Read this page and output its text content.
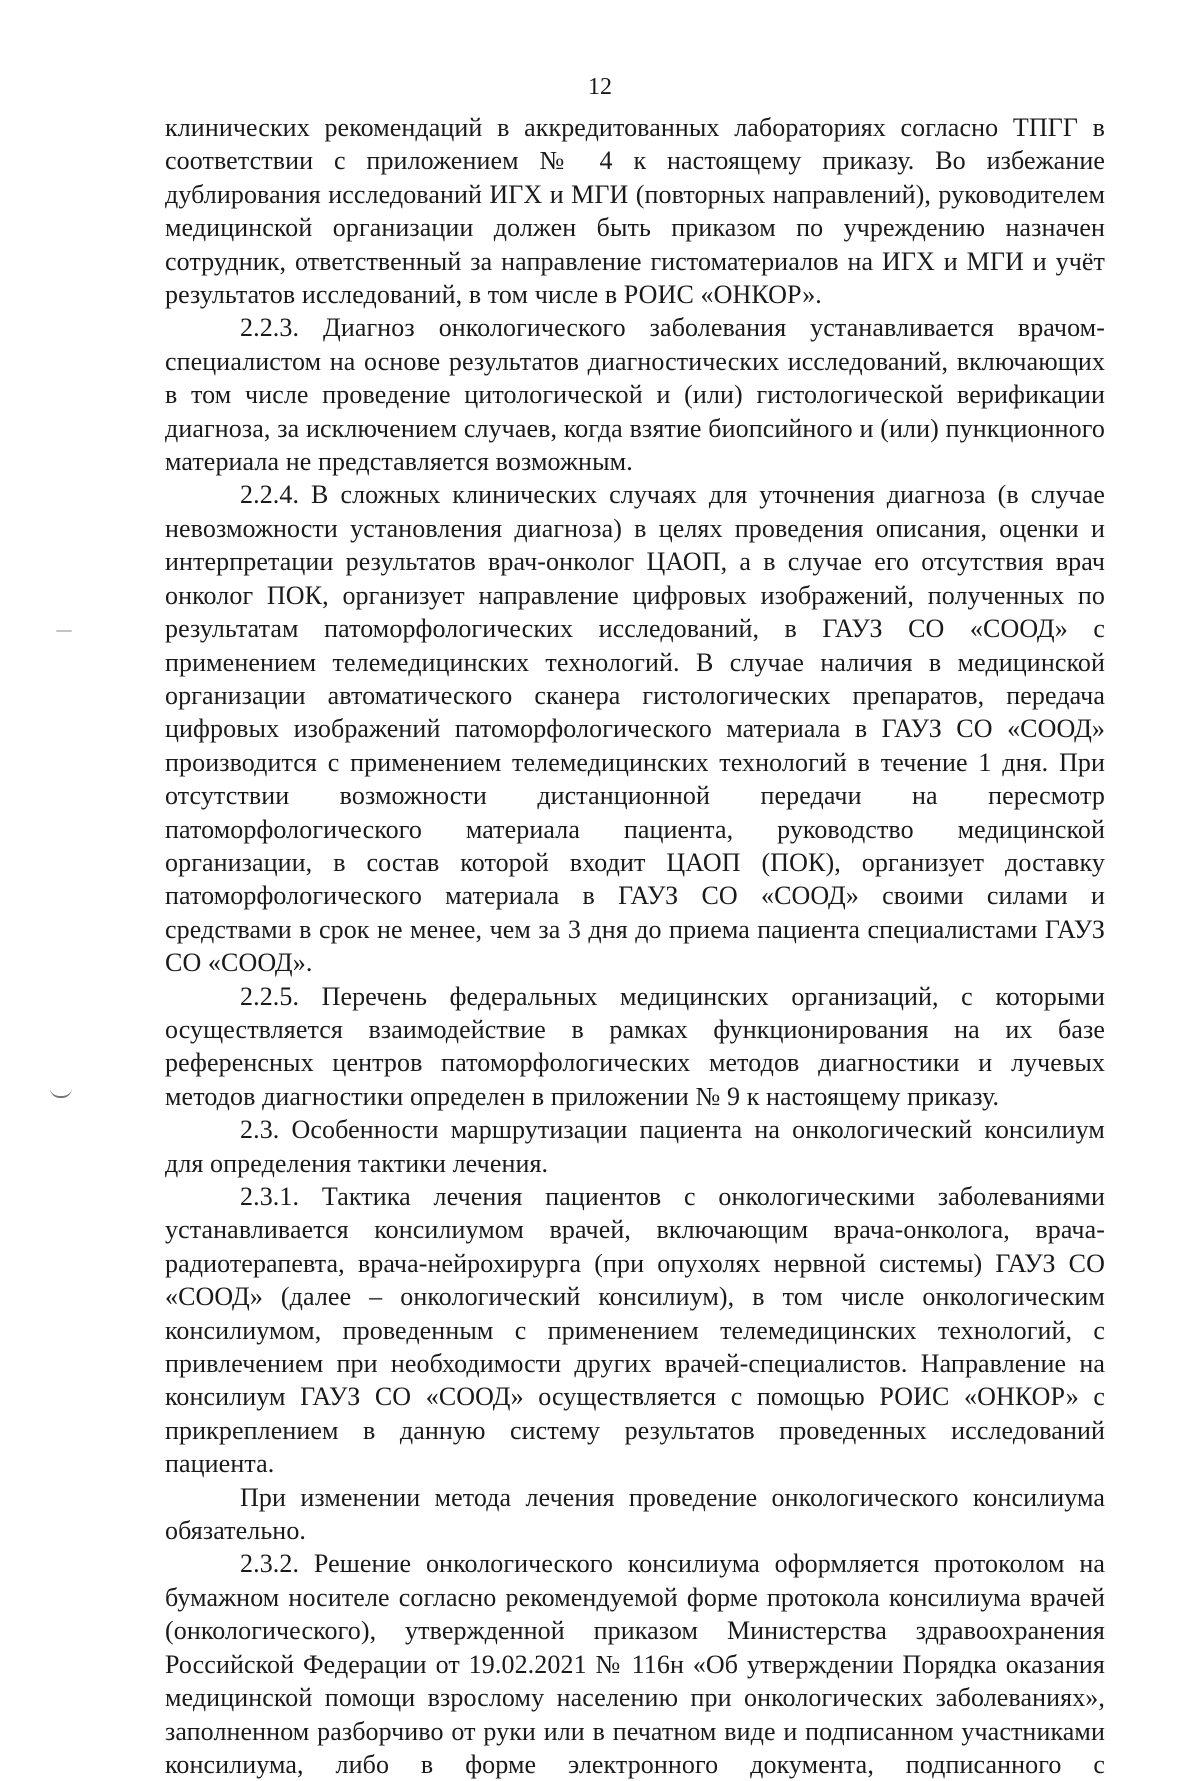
12

клинических рекомендаций в аккредитованных лабораториях согласно ТПГГ в соответствии с приложением № 4 к настоящему приказу. Во избежание дублирования исследований ИГХ и МГИ (повторных направлений), руководителем медицинской организации должен быть приказом по учреждению назначен сотрудник, ответственный за направление гистоматериалов на ИГХ и МГИ и учёт результатов исследований, в том числе в РОИС «ОНКОР».

2.2.3. Диагноз онкологического заболевания устанавливается врачом-специалистом на основе результатов диагностических исследований, включающих в том числе проведение цитологической и (или) гистологической верификации диагноза, за исключением случаев, когда взятие биопсийного и (или) пункционного материала не представляется возможным.

2.2.4. В сложных клинических случаях для уточнения диагноза (в случае невозможности установления диагноза) в целях проведения описания, оценки и интерпретации результатов врач-онколог ЦАОП, а в случае его отсутствия врач онколог ПОК, организует направление цифровых изображений, полученных по результатам патоморфологических исследований, в ГАУЗ СО «СООД» с применением телемедицинских технологий. В случае наличия в медицинской организации автоматического сканера гистологических препаратов, передача цифровых изображений патоморфологического материала в ГАУЗ СО «СООД» производится с применением телемедицинских технологий в течение 1 дня. При отсутствии возможности дистанционной передачи на пересмотр патоморфологического материала пациента, руководство медицинской организации, в состав которой входит ЦАОП (ПОК), организует доставку патоморфологического материала в ГАУЗ СО «СООД» своими силами и средствами в срок не менее, чем за 3 дня до приема пациента специалистами ГАУЗ СО «СООД».

2.2.5. Перечень федеральных медицинских организаций, с которыми осуществляется взаимодействие в рамках функционирования на их базе референсных центров патоморфологических методов диагностики и лучевых методов диагностики определен в приложении № 9 к настоящему приказу.

2.3. Особенности маршрутизации пациента на онкологический консилиум для определения тактики лечения.

2.3.1. Тактика лечения пациентов с онкологическими заболеваниями устанавливается консилиумом врачей, включающим врача-онколога, врача-радиотерапевта, врача-нейрохирурга (при опухолях нервной системы) ГАУЗ СО «СООД» (далее – онкологический консилиум), в том числе онкологическим консилиумом, проведенным с применением телемедицинских технологий, с привлечением при необходимости других врачей-специалистов. Направление на консилиум ГАУЗ СО «СООД» осуществляется с помощью РОИС «ОНКОР» с прикреплением в данную систему результатов проведенных исследований пациента.

При изменении метода лечения проведение онкологического консилиума обязательно.

2.3.2. Решение онкологического консилиума оформляется протоколом на бумажном носителе согласно рекомендуемой форме протокола консилиума врачей (онкологического), утвержденной приказом Министерства здравоохранения Российской Федерации от 19.02.2021 № 116н «Об утверждении Порядка оказания медицинской помощи взрослому населению при онкологических заболеваниях», заполненном разборчиво от руки или в печатном виде и подписанном участниками консилиума, либо в форме электронного документа, подписанного с
